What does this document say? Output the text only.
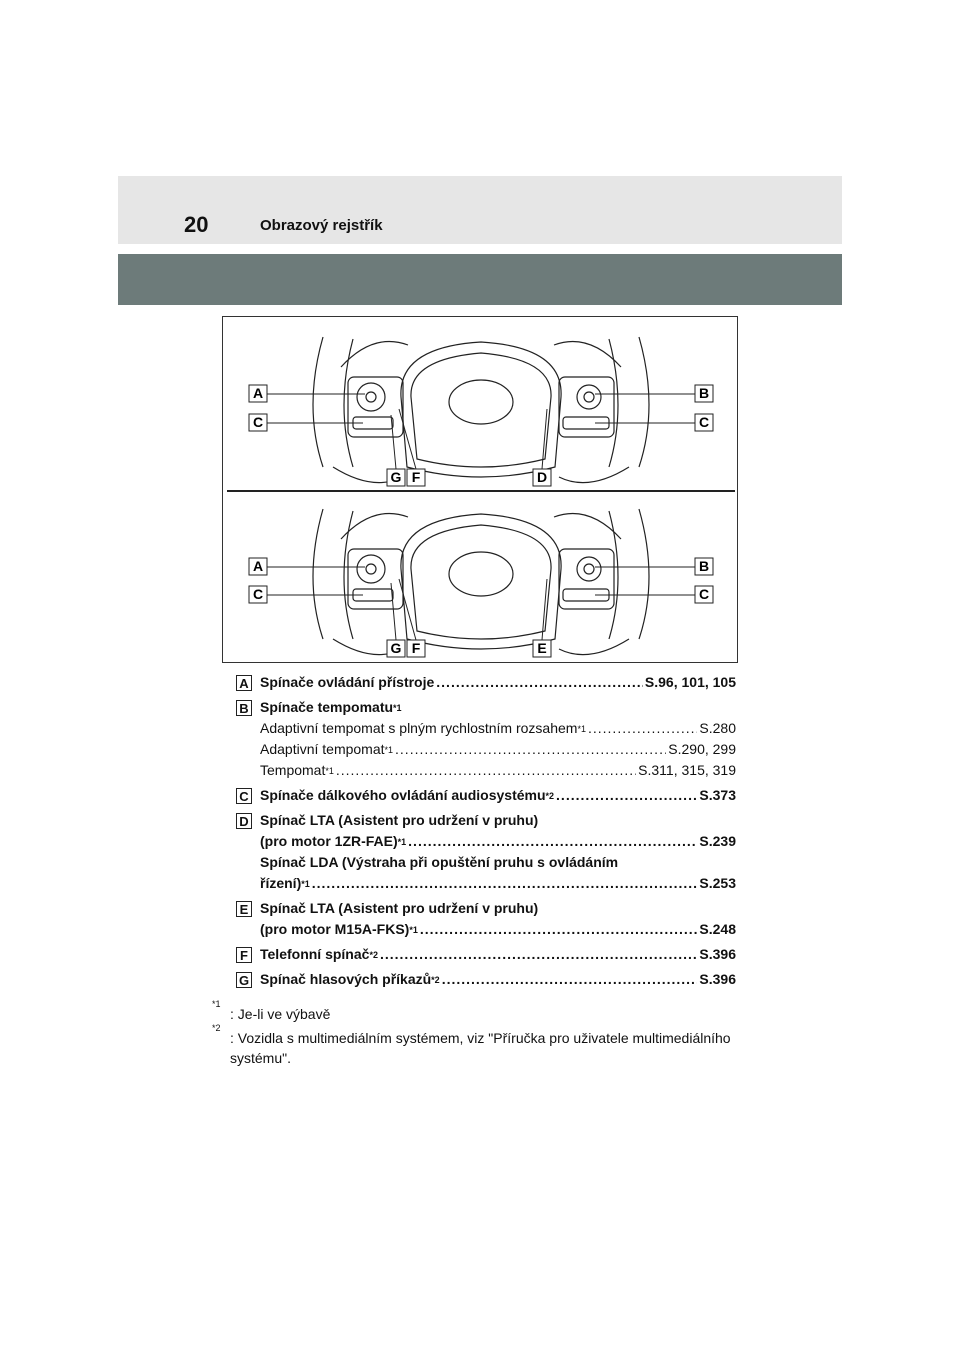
20	Obrazový rejstřík
A	B
C	C
G F	D
A	B
C	C
G F	E
A Spínače ovládání přístroje .....	S.96, 101, 105
B Spínače tempomatu$^{*1}$
Adaptivní tempomat s plným rychlostním rozsahem$^{*1}$ .....	S.280
Adaptivní tempomat$^{*1}$ .....	S.290, 299
Tempomat$^{*1}$ .....	S.311, 315, 319
C Spínače dálkového ovládání audiosystému$^{*2}$ .....	S.373
D Spínač LTA (Asistent pro udržení v pruhu)
(pro motor 1ZR-FAE)$^{*1}$ .....	S.239
Spínač LDA (Výstraha při opuštění pruhu s ovládáním
řízení)$^{*1}$ .....	S.253
E Spínač LTA (Asistent pro udržení v pruhu)
(pro motor M15A-FKS)$^{*1}$ .....	S.248
F Telefonní spínač$^{*2}$ .....	S.396
G Spínač hlasových příkazů$^{*2}$ .....	S.396
*1
: Je-li ve výbavě
*2
: Vozidla s multimediálním systémem, viz "Příručka pro uživatele multimediálního systému".
